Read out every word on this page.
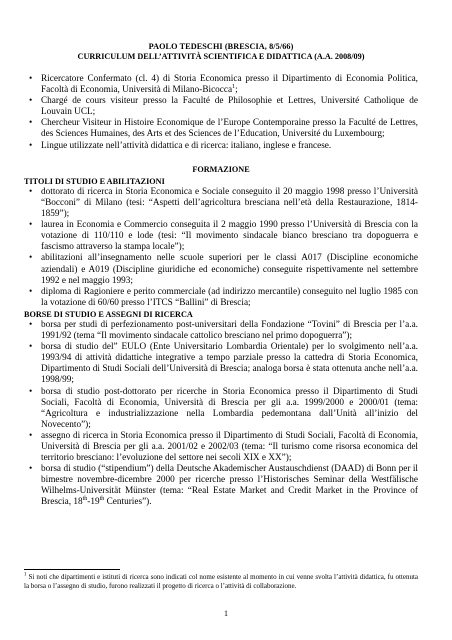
PAOLO TEDESCHI (BRESCIA, 8/5/66)
CURRICULUM DELL’ATTIVITÀ SCIENTIFICA E DIDATTICA (A.A. 2008/09)
• Ricercatore Confermato (cl. 4) di Storia Economica presso il Dipartimento di Economia Politica, Facoltà di Economia, Università di Milano-Bicocca$^1$;
• Chargé de cours visiteur presso la Faculté de Philosophie et Lettres, Université Catholique de Louvain UCL;
• Chercheur Visiteur in Histoire Economique de l’Europe Contemporaine presso la Faculté de Lettres, des Sciences Humaines, des Arts et des Sciences de l’Education, Université du Luxembourg;
• Lingue utilizzate nell’attività didattica e di ricerca: italiano, inglese e francese.
FORMAZIONE
TITOLI DI STUDIO E ABILITAZIONI
• dottorato di ricerca in Storia Economica e Sociale conseguito il 20 maggio 1998 presso l’Università “Bocconi” di Milano (tesi: “Aspetti dell’agricoltura bresciana nell’età della Restaurazione, 1814-1859”);
• laurea in Economia e Commercio conseguita il 2 maggio 1990 presso l’Università di Brescia con la votazione di 110/110 e lode (tesi: “Il movimento sindacale bianco bresciano tra dopoguerra e fascismo attraverso la stampa locale”);
• abilitazioni all’insegnamento nelle scuole superiori per le classi A017 (Discipline economiche aziendali) e A019 (Discipline giuridiche ed economiche) conseguite rispettivamente nel settembre 1992 e nel maggio 1993;
• diploma di Ragioniere e perito commerciale (ad indirizzo mercantile) conseguito nel luglio 1985 con la votazione di 60/60 presso l’ITCS “Ballini” di Brescia;
BORSE DI STUDIO E ASSEGNI DI RICERCA
• borsa per studi di perfezionamento post-universitari della Fondazione “Tovini” di Brescia per l’a.a. 1991/92 (tema “Il movimento sindacale cattolico bresciano nel primo dopoguerra”);
• borsa di studio del” EULO (Ente Universitario Lombardia Orientale) per lo svolgimento nell’a.a. 1993/94 di attività didattiche integrative a tempo parziale presso la cattedra di Storia Economica, Dipartimento di Studi Sociali dell’Università di Brescia; analoga borsa è stata ottenuta anche nell’a.a. 1998/99;
• borsa di studio post-dottorato per ricerche in Storia Economica presso il Dipartimento di Studi Sociali, Facoltà di Economia, Università di Brescia per gli a.a. 1999/2000 e 2000/01 (tema: “Agricoltura e industrializzazione nella Lombardia pedemontana dall’Unità all’inizio del Novecento”);
• assegno di ricerca in Storia Economica presso il Dipartimento di Studi Sociali, Facoltà di Economia, Università di Brescia per gli a.a. 2001/02 e 2002/03 (tema: “Il turismo come risorsa economica del territorio bresciano: l’evoluzione del settore nei secoli XIX e XX”);
• borsa di studio (“stipendium”) della Deutsche Akademischer Austauschdienst (DAAD) di Bonn per il bimestre novembre-dicembre 2000 per ricerche presso l’Historisches Seminar della Westfälische Wilhelms-Universität Münster (tema: “Real Estate Market and Credit Market in the Province of Brescia, 18th-19th Centuries”).
$^1$ Si noti che dipartimenti e istituti di ricerca sono indicati col nome esistente al momento in cui venne svolta l’attività didattica, fu ottenuta la borsa o l’assegno di studio, furono realizzati il progetto di ricerca o l’attività di collaborazione.
1
